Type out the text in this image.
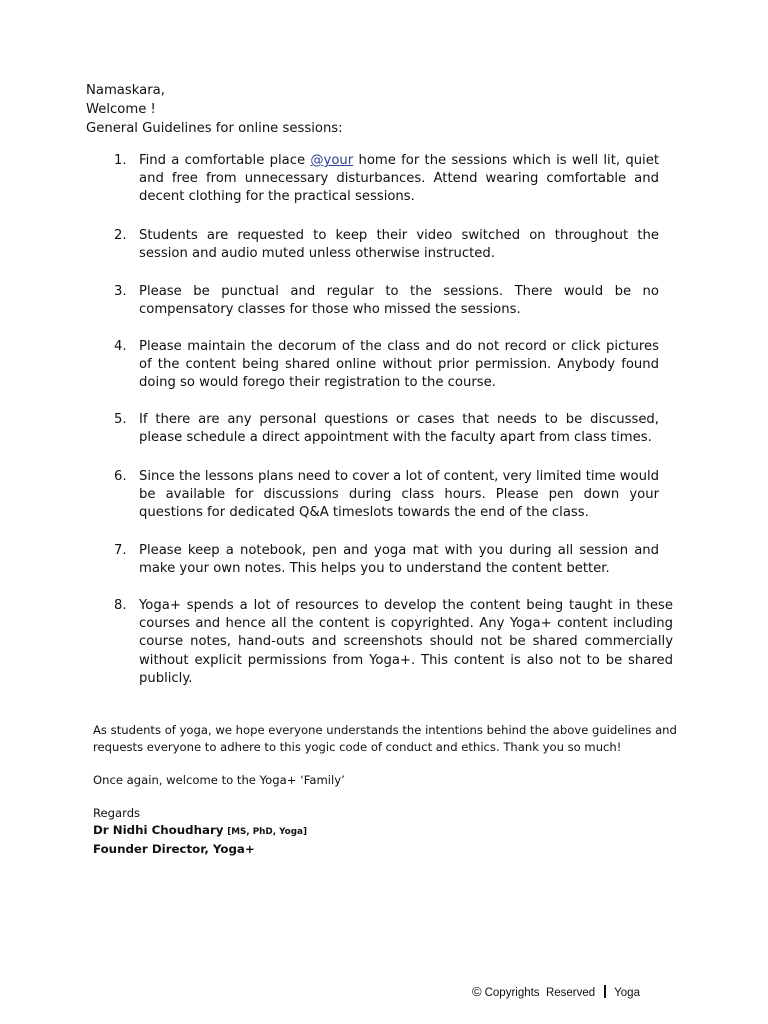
Namaskara,
Welcome !
General Guidelines for online sessions:
1. Find a comfortable place @your home for the sessions which is well lit, quiet and free from unnecessary disturbances. Attend wearing comfortable and decent clothing for the practical sessions.
2. Students are requested to keep their video switched on throughout the session and audio muted unless otherwise instructed.
3. Please be punctual and regular to the sessions. There would be no compensatory classes for those who missed the sessions.
4. Please maintain the decorum of the class and do not record or click pictures of the content being shared online without prior permission. Anybody found doing so would forego their registration to the course.
5. If there are any personal questions or cases that needs to be discussed, please schedule a direct appointment with the faculty apart from class times.
6. Since the lessons plans need to cover a lot of content, very limited time would be available for discussions during class hours. Please pen down your questions for dedicated Q&A timeslots towards the end of the class.
7. Please keep a notebook, pen and yoga mat with you during all session and make your own notes. This helps you to understand the content better.
8. Yoga+ spends a lot of resources to develop the content being taught in these courses and hence all the content is copyrighted. Any Yoga+ content including course notes, hand-outs and screenshots should not be shared commercially without explicit permissions from Yoga+. This content is also not to be shared publicly.

As students of yoga, we hope everyone understands the intentions behind the above guidelines and requests everyone to adhere to this yogic code of conduct and ethics. Thank you so much!

Once again, welcome to the Yoga+ ‘Family’

Regards

Dr Nidhi Choudhary [MS, PhD, Yoga]

Founder Director, Yoga+

© Copyrights  Reserved Yoga
